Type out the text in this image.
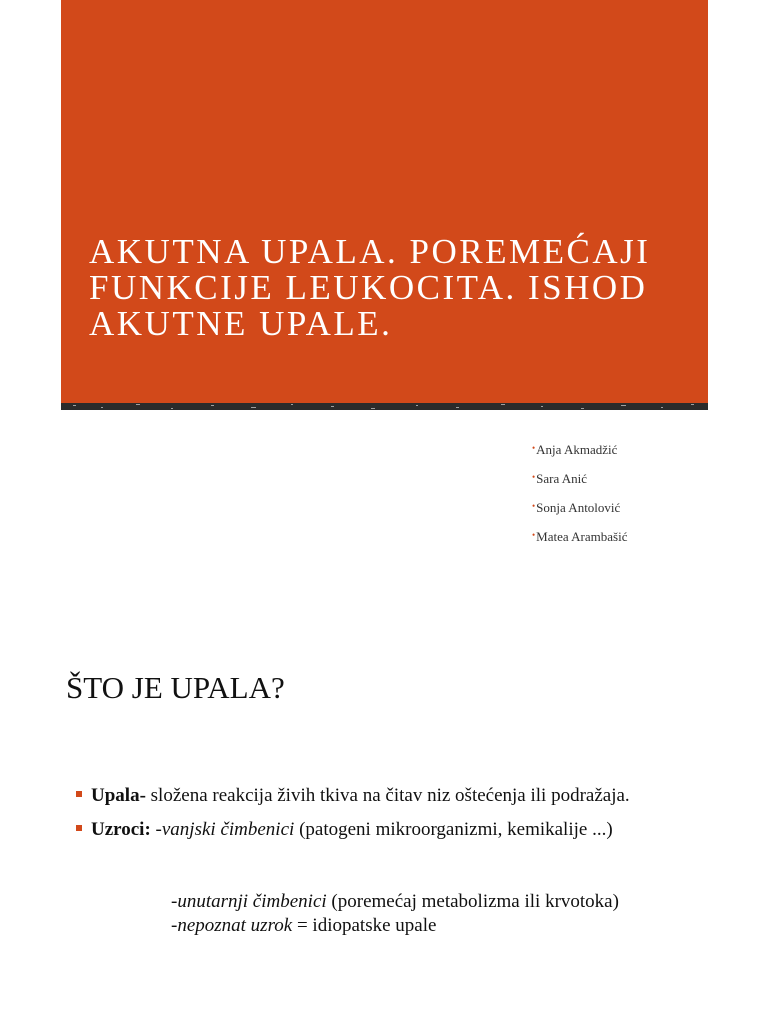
AKUTNA UPALA. POREMEĆAJI FUNKCIJE LEUKOCITA. ISHOD AKUTNE UPALE.
• Anja Akmadžić
• Sara Anić
• Sonja Antolović
• Matea Arambašić
ŠTO JE UPALA?
Upala- složena reakcija živih tkiva na čitav niz oštećenja ili podražaja.
Uzroci: -vanjski čimbenici (patogeni mikroorganizmi, kemikalije ...)
-unutarnji čimbenici (poremećaj metabolizma ili krvotoka)
-nepoznat uzrok = idiopatske upale
